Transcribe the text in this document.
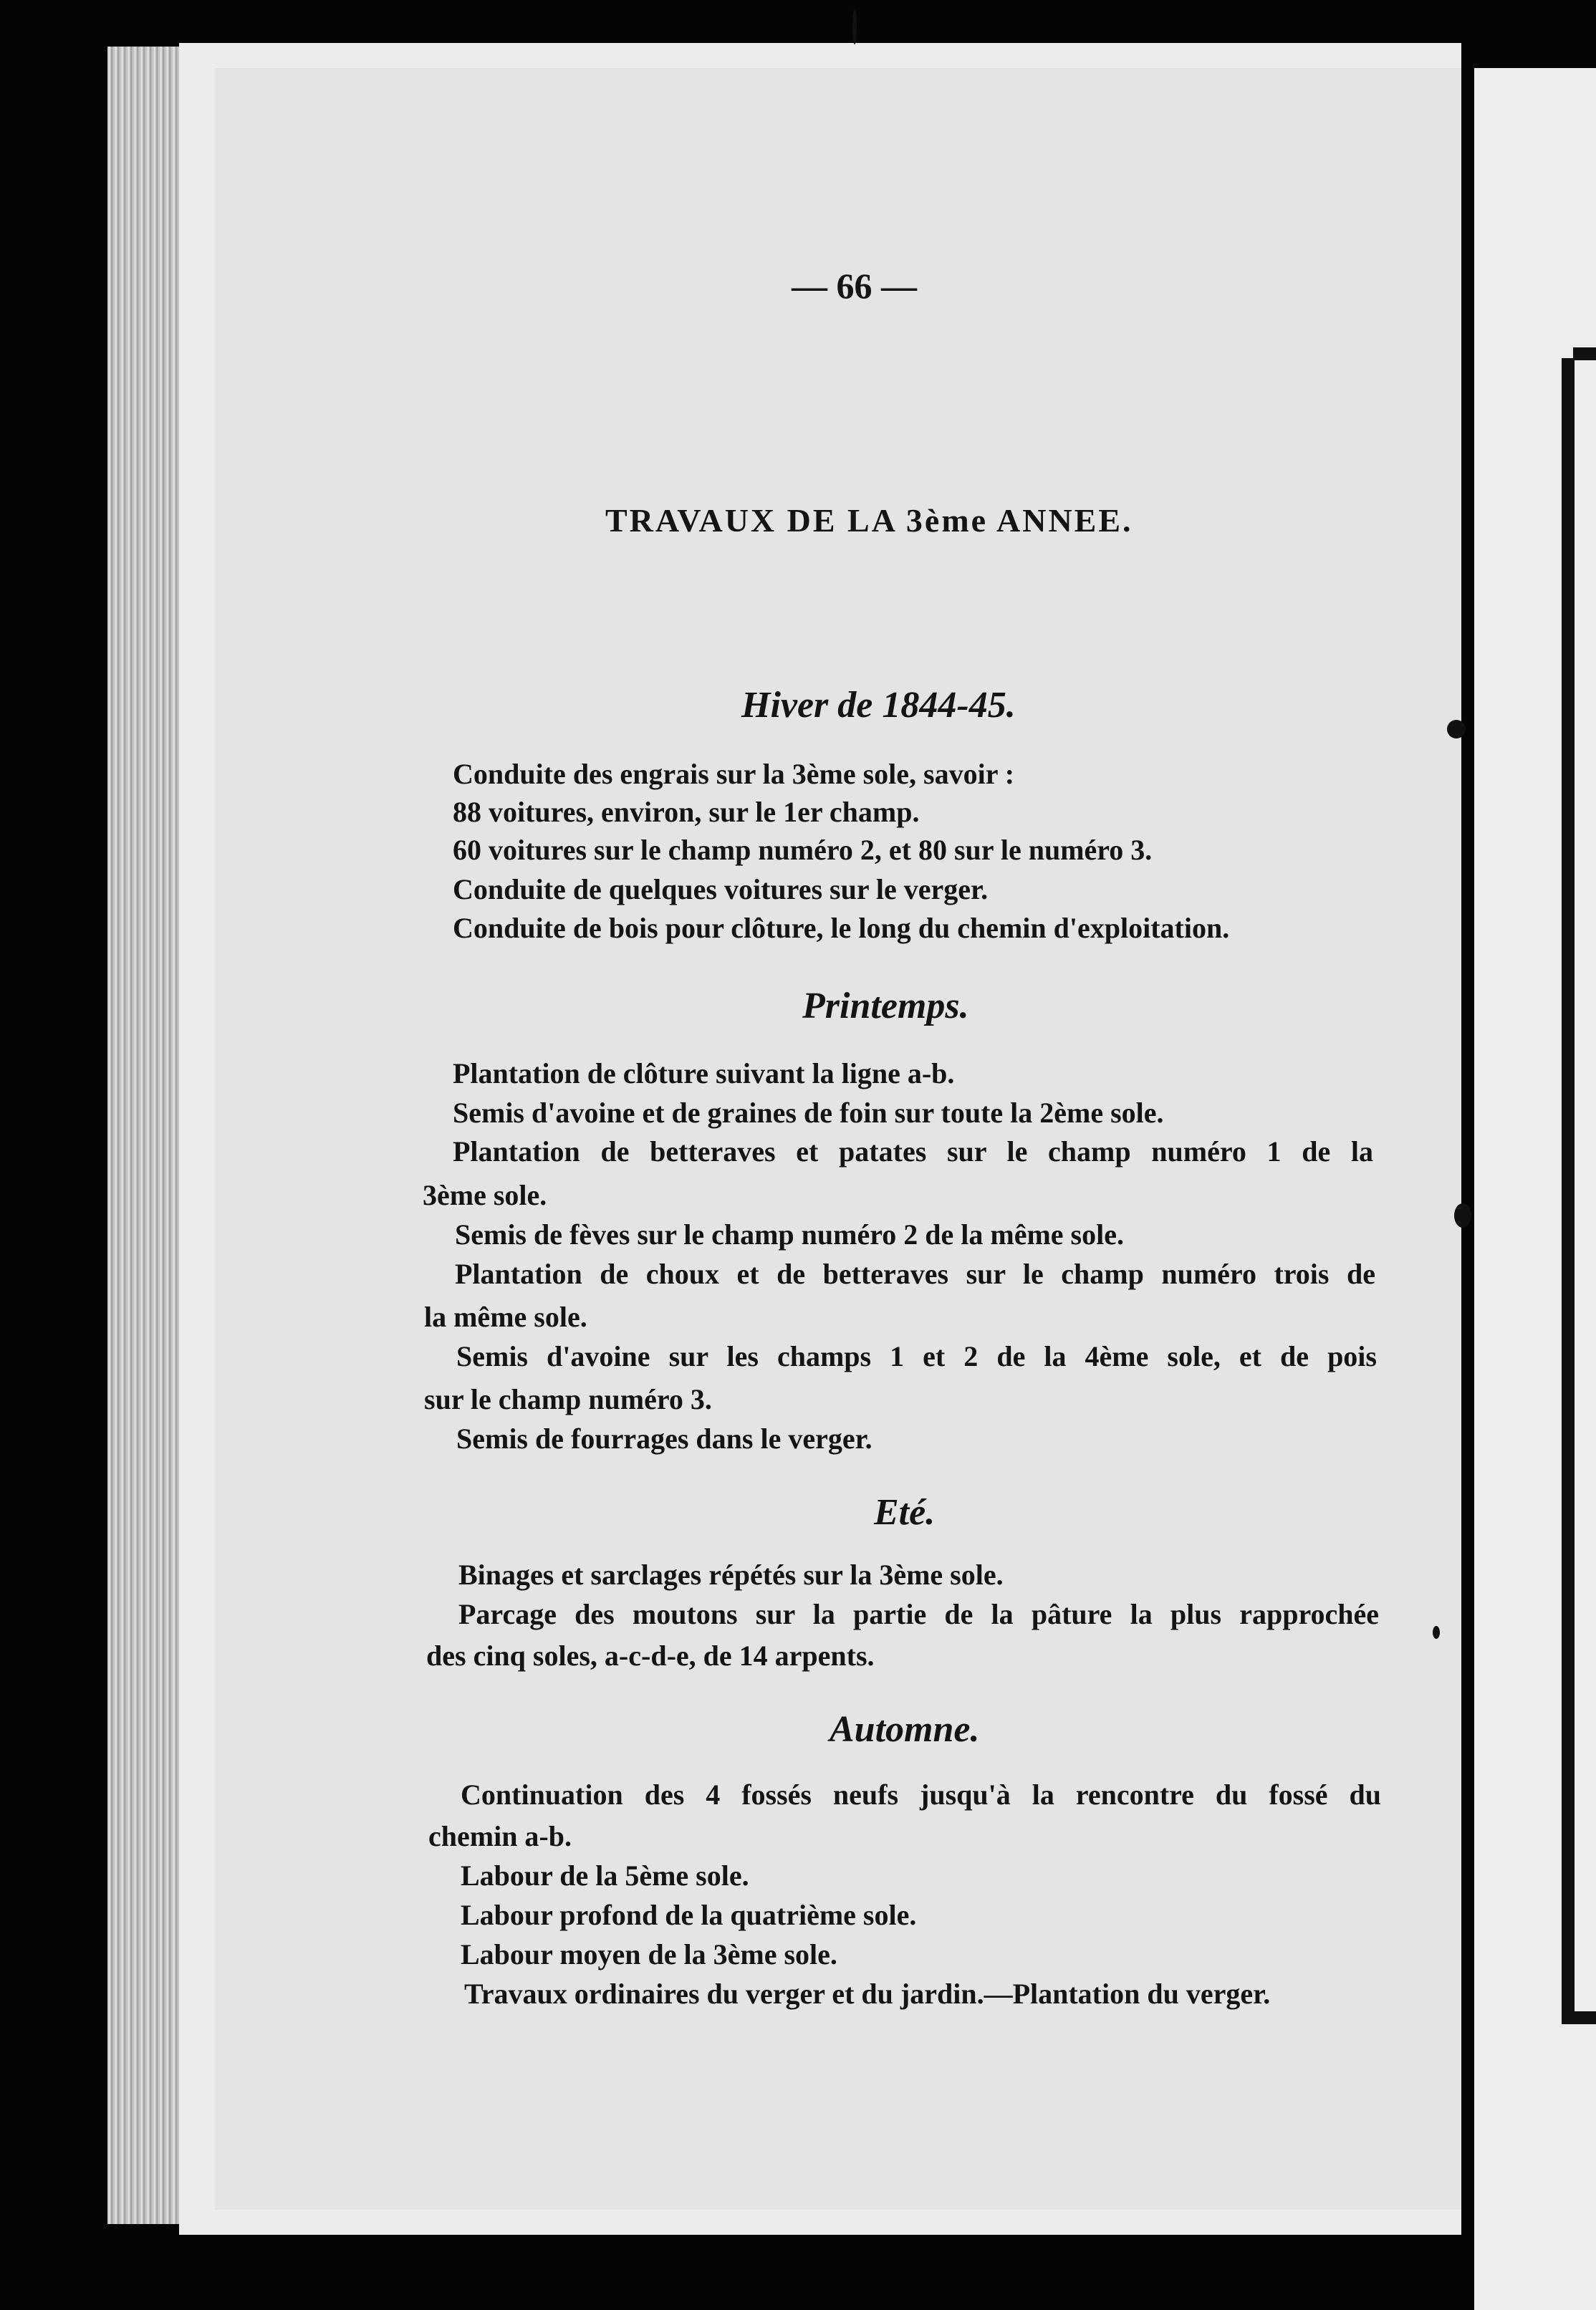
— 66 —
TRAVAUX DE LA 3ème ANNEE.
Hiver de 1844-45.
Conduite des engrais sur la 3ème sole, savoir :
88 voitures, environ, sur le 1er champ.
60 voitures sur le champ numéro 2, et 80 sur le numéro 3.
Conduite de quelques voitures sur le verger.
Conduite de bois pour clôture, le long du chemin d'exploitation.
Printemps.
Plantation de clôture suivant la ligne a-b.
Semis d'avoine et de graines de foin sur toute la 2ème sole.
Plantation de betteraves et patates sur le champ numéro 1 de la
3ème sole.
Semis de fèves sur le champ numéro 2 de la même sole.
Plantation de choux et de betteraves sur le champ numéro trois de
la même sole.
Semis d'avoine sur les champs 1 et 2 de la 4ème sole, et de pois
sur le champ numéro 3.
Semis de fourrages dans le verger.
Eté.
Binages et sarclages répétés sur la 3ème sole.
Parcage des moutons sur la partie de la pâture la plus rapprochée
des cinq soles, a-c-d-e, de 14 arpents.
Automne.
Continuation des 4 fossés neufs jusqu'à la rencontre du fossé du
chemin a-b.
Labour de la 5ème sole.
Labour profond de la quatrième sole.
Labour moyen de la 3ème sole.
Travaux ordinaires du verger et du jardin.—Plantation du verger.
